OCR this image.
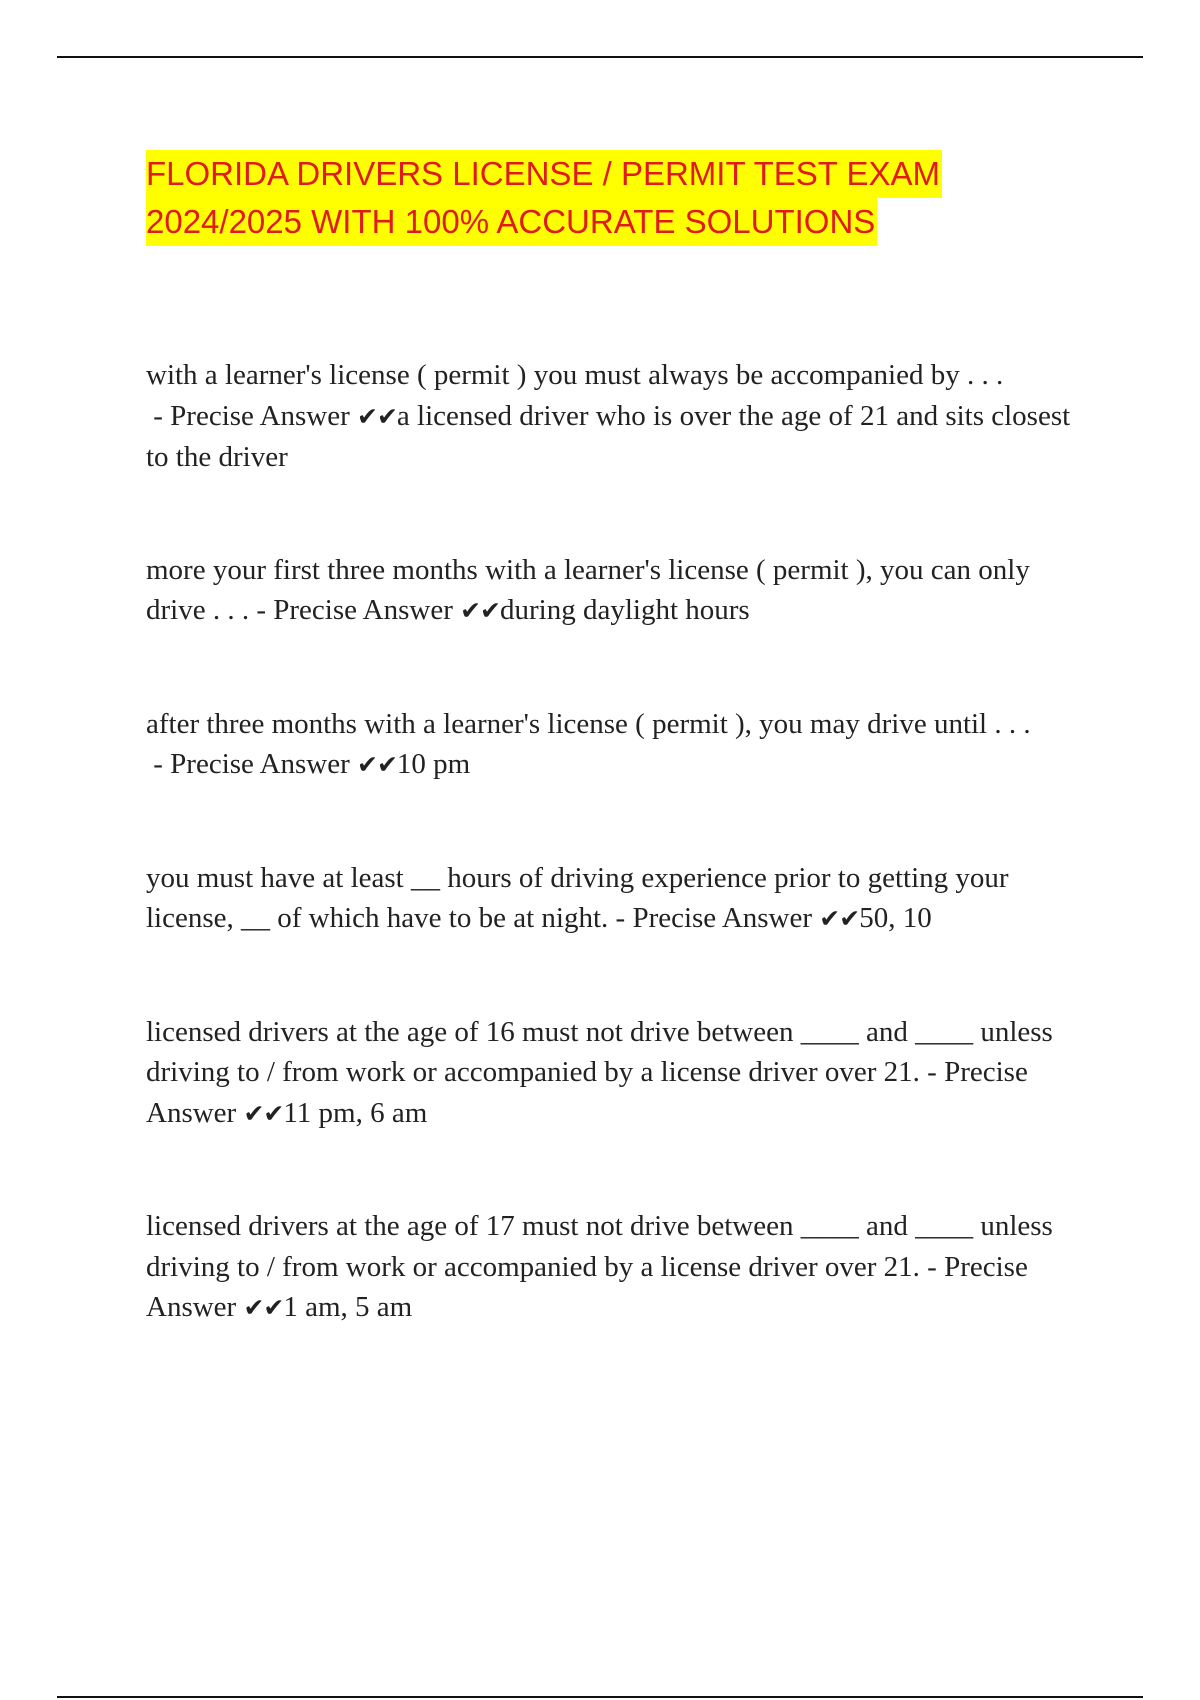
FLORIDA DRIVERS LICENSE / PERMIT TEST EXAM
2024/2025 WITH 100% ACCURATE SOLUTIONS

with a learner's license ( permit ) you must always be accompanied by . . . - Precise Answer ✔✔a licensed driver who is over the age of 21 and sits closest to the driver

more your first three months with a learner's license ( permit ), you can only drive . . . - Precise Answer ✔✔during daylight hours

after three months with a learner's license ( permit ), you may drive until . . . - Precise Answer ✔✔10 pm

you must have at least __ hours of driving experience prior to getting your license, __ of which have to be at night. - Precise Answer ✔✔50, 10

licensed drivers at the age of 16 must not drive between ____ and ____ unless driving to / from work or accompanied by a license driver over 21. - Precise Answer ✔✔11 pm, 6 am

licensed drivers at the age of 17 must not drive between ____ and ____ unless driving to / from work or accompanied by a license driver over 21. - Precise Answer ✔✔1 am, 5 am
